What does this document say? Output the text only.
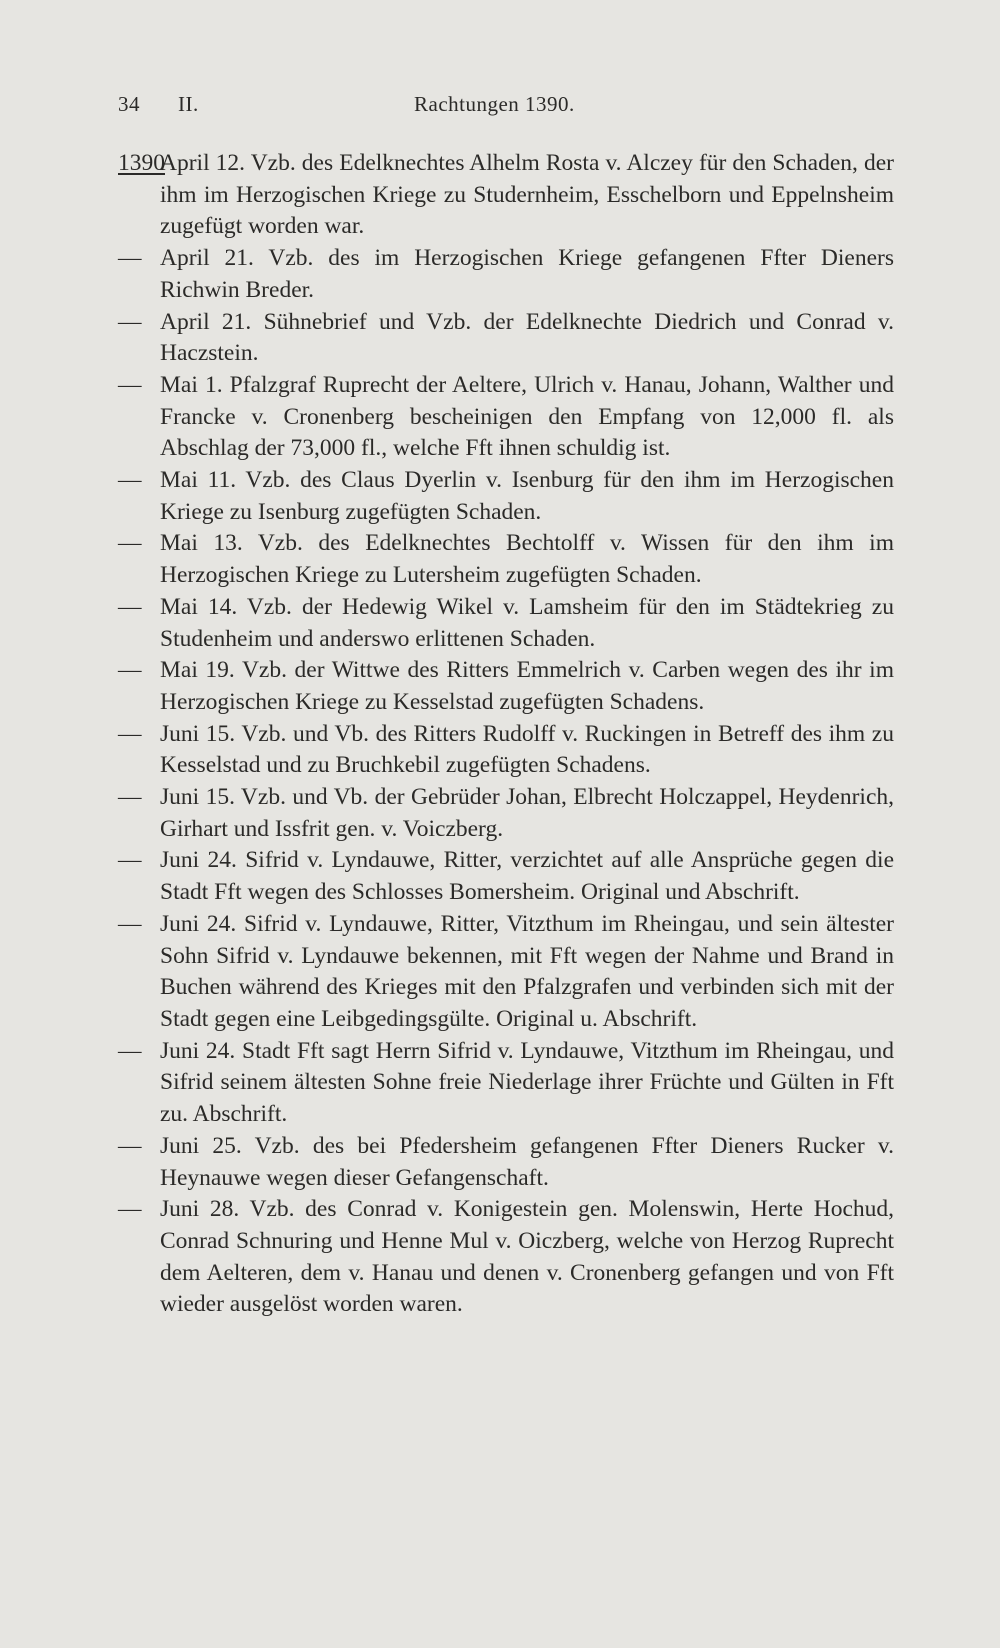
34 II.	Rachtungen 1390.
1390
April 12. Vzb. des Edelknechtes Alhelm Rosta v. Alczey für den Schaden, der ihm im Herzogischen Kriege zu Studernheim, Esschelborn und Eppelnsheim zugefügt worden war.
— April 21. Vzb. des im Herzogischen Kriege gefangenen Ffter Dieners Richwin Breder.
— April 21. Sühnebrief und Vzb. der Edelknechte Diedrich und Conrad v. Haczstein.
— Mai 1. Pfalzgraf Ruprecht der Aeltere, Ulrich v. Hanau, Johann, Walther und Francke v. Cronenberg bescheinigen den Empfang von 12,000 fl. als Abschlag der 73,000 fl., welche Fft ihnen schuldig ist.
— Mai 11. Vzb. des Claus Dyerlin v. Isenburg für den ihm im Herzogischen Kriege zu Isenburg zugefügten Schaden.
— Mai 13. Vzb. des Edelknechtes Bechtolff v. Wissen für den ihm im Herzogischen Kriege zu Lutersheim zugefügten Schaden.
— Mai 14. Vzb. der Hedewig Wikel v. Lamsheim für den im Städtekrieg zu Studenheim und anderswo erlittenen Schaden.
— Mai 19. Vzb. der Wittwe des Ritters Emmelrich v. Carben wegen des ihr im Herzogischen Kriege zu Kesselstad zugefügten Schadens.
— Juni 15. Vzb. und Vb. des Ritters Rudolff v. Ruckingen in Betreff des ihm zu Kesselstad und zu Bruchkebil zugefügten Schadens.
— Juni 15. Vzb. und Vb. der Gebrüder Johan, Elbrecht Holczappel, Heydenrich, Girhart und Issfrit gen. v. Voiczberg.
— Juni 24. Sifrid v. Lyndauwe, Ritter, verzichtet auf alle Ansprüche gegen die Stadt Fft wegen des Schlosses Bomersheim. Original und Abschrift.
— Juni 24. Sifrid v. Lyndauwe, Ritter, Vitzthum im Rheingau, und sein ältester Sohn Sifrid v. Lyndauwe bekennen, mit Fft wegen der Nahme und Brand in Buchen während des Krieges mit den Pfalzgrafen und verbinden sich mit der Stadt gegen eine Leibgedingsgülte. Original u. Abschrift.
— Juni 24. Stadt Fft sagt Herrn Sifrid v. Lyndauwe, Vitzthum im Rheingau, und Sifrid seinem ältesten Sohne freie Niederlage ihrer Früchte und Gülten in Fft zu. Abschrift.
— Juni 25. Vzb. des bei Pfedersheim gefangenen Ffter Dieners Rucker v. Heynauwe wegen dieser Gefangenschaft.
— Juni 28. Vzb. des Conrad v. Konigestein gen. Molenswin, Herte Hochud, Conrad Schnuring und Henne Mul v. Oiczberg, welche von Herzog Ruprecht dem Aelteren, dem v. Hanau und denen v. Cronenberg gefangen und von Fft wieder ausgelöst worden waren.
